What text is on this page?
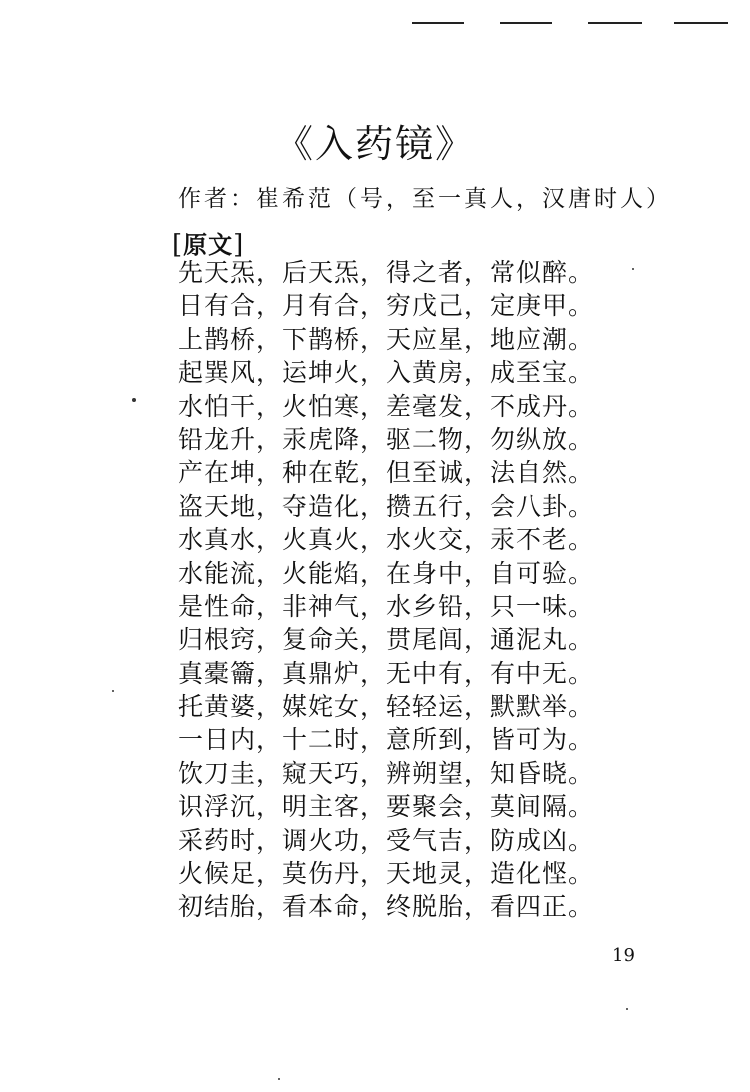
《入药镜》
作者：崔希范（号，至一真人，汉唐时人）
[原文]
先天炁，后天炁，得之者，常似醉。
日有合，月有合，穷戊己，定庚甲。
上鹊桥，下鹊桥，天应星，地应潮。
起巽风，运坤火，入黄房，成至宝。
水怕干，火怕寒，差毫发，不成丹。
铅龙升，汞虎降，驱二物，勿纵放。
产在坤，种在乾，但至诚，法自然。
盗天地，夺造化，攒五行，会八卦。
水真水，火真火，水火交，汞不老。
水能流，火能焰，在身中，自可验。
是性命，非神气，水乡铅，只一味。
归根窍，复命关，贯尾闾，通泥丸。
真橐籥，真鼎炉，无中有，有中无。
托黄婆，媒姹女，轻轻运，默默举。
一日内，十二时，意所到，皆可为。
饮刀圭，窥天巧，辨朔望，知昏晓。
识浮沉，明主客，要聚会，莫间隔。
采药时，调火功，受气吉，防成凶。
火候足，莫伤丹，天地灵，造化悭。
初结胎，看本命，终脱胎，看四正。
19
